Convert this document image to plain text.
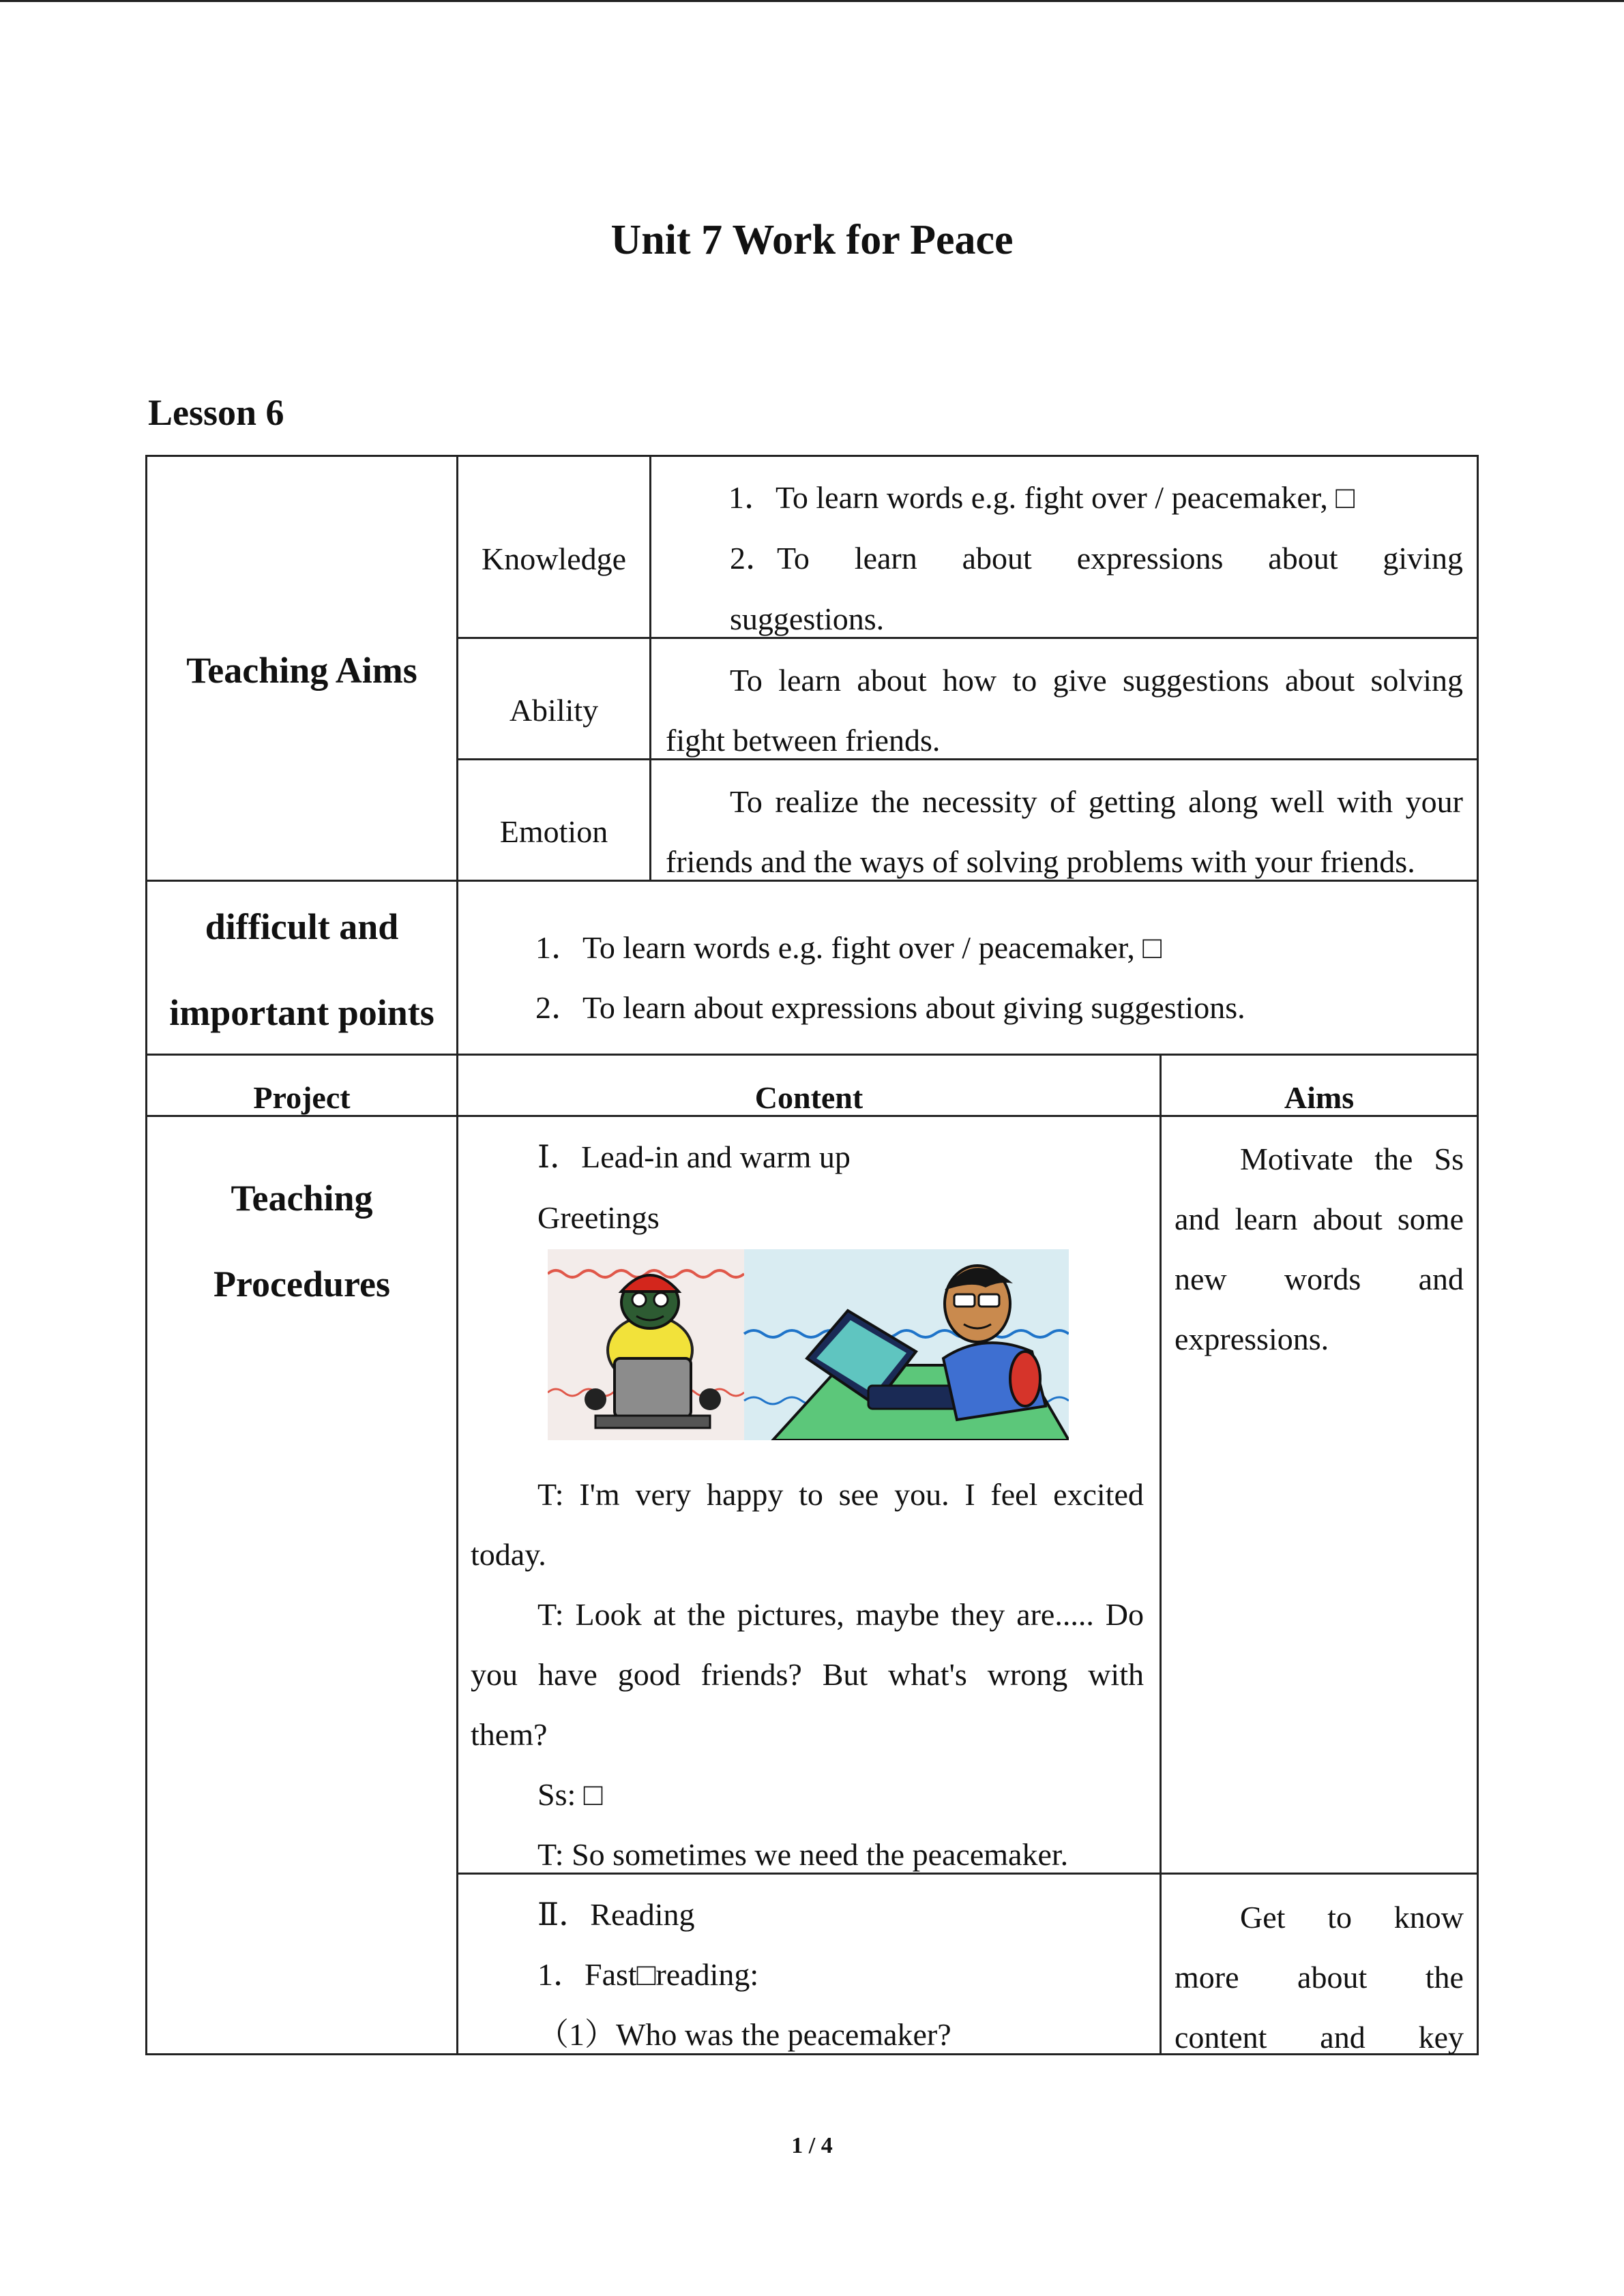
Unit 7 Work for Peace
Lesson 6
Teaching Aims
Knowledge
1．To learn words e.g. fight over / peacemaker, □
2．To learn about expressions about giving
suggestions.
Ability
To learn about how to give suggestions about solving
fight between friends.
Emotion
To realize the necessity of getting along well with your
friends and the ways of solving problems with your friends.
difficult and
important points
1．To learn words e.g. fight over / peacemaker, □
2．To learn about expressions about giving suggestions.
Project	Content	Aims
Teaching
Procedures
Ⅰ．Lead-in and warm up
Greetings
T: I'm very happy to see you. I feel excited
today.
T: Look at the pictures, maybe they are..... Do
you have good friends? But what's wrong with
them?
Ss: □
T: So sometimes we need the peacemaker.
Motivate the Ss
and learn about some
new words and
expressions.
Ⅱ．Reading
1．Fast□reading:
（1）Who was the peacemaker?
Get to know
more about the
content and key
1 / 4
